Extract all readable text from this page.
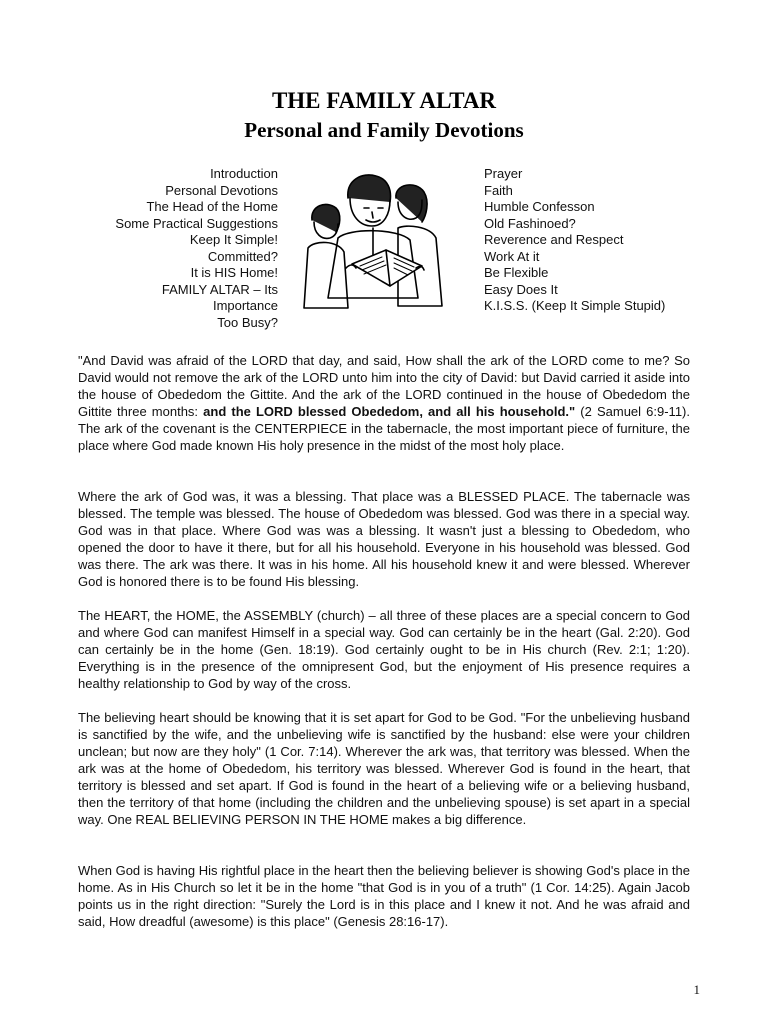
THE FAMILY ALTAR
Personal and Family Devotions
Introduction
Personal Devotions
The Head of the Home
Some Practical Suggestions
Keep It Simple!
Committed?
It is HIS Home!
FAMILY ALTAR – Its
Importance
Too Busy?
Prayer
Faith
Humble Confesson
Old Fashinoed?
Reverence and Respect
Work At it
Be Flexible
Easy Does It
K.I.S.S. (Keep It Simple Stupid)

"And David was afraid of the LORD that day, and said, How shall the ark of the LORD come to me? So David would not remove the ark of the LORD unto him into the city of David: but David carried it aside into the house of Obededom the Gittite. And the ark of the LORD continued in the house of Obededom the Gittite three months: and the LORD blessed Obededom, and all his household." (2 Samuel 6:9-11). The ark of the covenant is the CENTERPIECE in the tabernacle, the most important piece of furniture, the place where God made known His holy presence in the midst of the most holy place.

Where the ark of God was, it was a blessing. That place was a BLESSED PLACE. The tabernacle was blessed. The temple was blessed. The house of Obededom was blessed. God was there in a special way. God was in that place. Where God was was a blessing. It wasn't just a blessing to Obededom, who opened the door to have it there, but for all his household. Everyone in his household was blessed. God was there. The ark was there. It was in his home. All his household knew it and were blessed. Wherever God is honored there is to be found His blessing.

The HEART, the HOME, the ASSEMBLY (church) – all three of these places are a special concern to God and where God can manifest Himself in a special way. God can certainly be in the heart (Gal. 2:20). God can certainly be in the home (Gen. 18:19). God certainly ought to be in His church (Rev. 2:1; 1:20). Everything is in the presence of the omnipresent God, but the enjoyment of His presence requires a healthy relationship to God by way of the cross.

The believing heart should be knowing that it is set apart for God to be God. "For the unbelieving husband is sanctified by the wife, and the unbelieving wife is sanctified by the husband: else were your children unclean; but now are they holy" (1 Cor. 7:14). Wherever the ark was, that territory was blessed. When the ark was at the home of Obededom, his territory was blessed. Wherever God is found in the heart, that territory is blessed and set apart. If God is found in the heart of a believing wife or a believing husband, then the territory of that home (including the children and the unbelieving spouse) is set apart in a special way. One REAL BELIEVING PERSON IN THE HOME makes a big difference.

When God is having His rightful place in the heart then the believing believer is showing God's place in the home. As in His Church so let it be in the home "that God is in you of a truth" (1 Cor. 14:25). Again Jacob points us in the right direction: "Surely the Lord is in this place and I knew it not. And he was afraid and said, How dreadful (awesome) is this place" (Genesis 28:16-17).

1
